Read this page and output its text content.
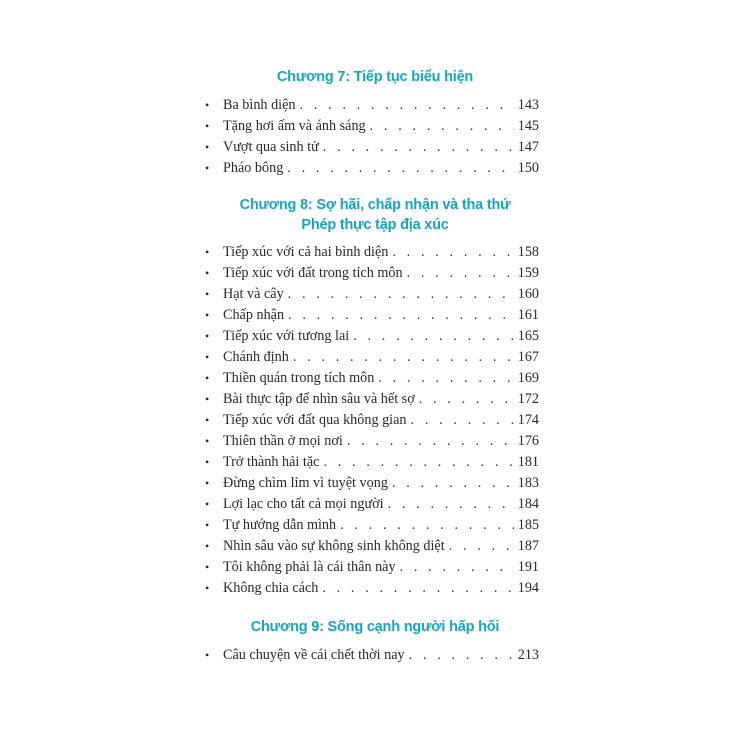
Chương 7: Tiếp tục biểu hiện
• Ba bình diện . . .	143
• Tặng hơi ấm và ánh sáng . . .	145
• Vượt qua sinh tử . . .	147
• Pháo bông . . .	150
Chương 8: Sợ hãi, chấp nhận và tha thứ
Phép thực tập địa xúc
• Tiếp xúc với cả hai bình diện . . .	158
• Tiếp xúc với đất trong tích môn . . .	159
• Hạt và cây . . .	160
• Chấp nhận . . .	161
• Tiếp xúc với tương lai . . .	165
• Chánh định . . .	167
• Thiền quán trong tích môn . . .	169
• Bài thực tập để nhìn sâu và hết sợ . . .	172
• Tiếp xúc với đất qua không gian . . .	174
• Thiên thần ở mọi nơi . . .	176
• Trở thành hải tặc . . .	181
• Đừng chìm lỉm vì tuyệt vọng . . .	183
• Lợi lạc cho tất cả mọi người . . .	184
• Tự hướng dẫn mình . . .	185
• Nhìn sâu vào sự không sinh không diệt . . .	187
• Tôi không phải là cái thân này . . .	191
• Không chia cách . . .	194
Chương 9: Sống cạnh người hấp hối
• Câu chuyện về cái chết thời nay . . .	213
